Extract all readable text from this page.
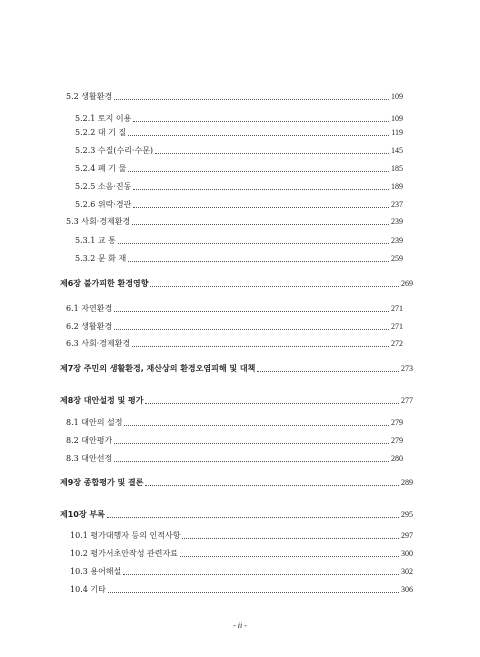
5.2 생활환경	109
5.2.1 토지 이용	109
5.2.2 대 기 질	119
5.2.3 수질(수리·수문)	145
5.2.4 폐 기 물	185
5.2.5 소음·진동	189
5.2.6 위락·경관	237
5.3 사회·경제환경	239
5.3.1 교 통	239
5.3.2 문 화 재	259
제6장 불가피한 환경영향	269
6.1 자연환경	271
6.2 생활환경	271
6.3 사회·경제환경	272
제7장 주민의 생활환경, 재산상의 환경오염피해 및 대책	273
제8장 대안설정 및 평가	277
8.1 대안의 설정	279
8.2 대안평가	279
8.3 대안선정	280
제9장 종합평가 및 결론	289
제10장 부록	295
10.1 평가대행자 등의 인적사항	297
10.2 평가서초안작성 관련자료	300
10.3 용어해설	302
10.4 기타	306
- ii -
